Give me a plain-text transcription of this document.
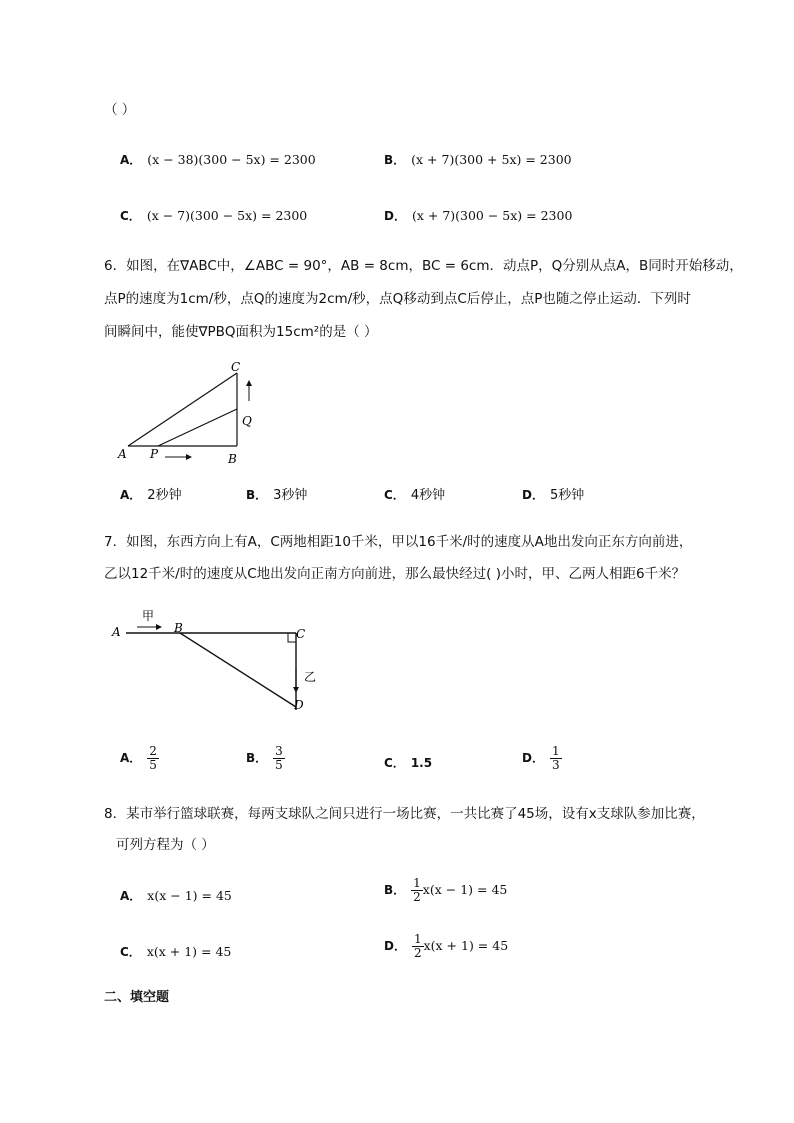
（ ）
A． (x − 38)(300 − 5x) = 2300	B． (x + 7)(300 + 5x) = 2300
C． (x − 7)(300 − 5x) = 2300	D． (x + 7)(300 − 5x) = 2300
6．如图，在∇ABC中，∠ABC = 90°，AB = 8cm，BC = 6cm．动点P，Q分别从点A，B同时开始移动，
点P的速度为1cm/秒，点Q的速度为2cm/秒，点Q移动到点C后停止，点P也随之停止运动．下列时
间瞬间中，能使∇PBQ面积为15cm²的是（ ）
A P	B
C
Q
A． 2秒钟	B． 3秒钟	C． 4秒钟	D． 5秒钟
7．如图，东西方向上有A，C两地相距10千米，甲以16千米/时的速度从A地出发向正东方向前进，
乙以12千米/时的速度从C地出发向正南方向前进，那么最快经过( )小时，甲、乙两人相距6千米？
A
甲
B	C
乙
D
A． $\frac{2}{5}$	B． $\frac{3}{5}$	C． 1.5	D． $\frac{1}{3}$
8．某市举行篮球联赛，每两支球队之间只进行一场比赛，一共比赛了45场，设有x支球队参加比赛，
可列方程为（ ）
A． x(x − 1) = 45	B． $\frac{1}{2} x(x - 1) = 45$
C． x(x + 1) = 45	D． $\frac{1}{2} x(x + 1) = 45$
二、填空题
